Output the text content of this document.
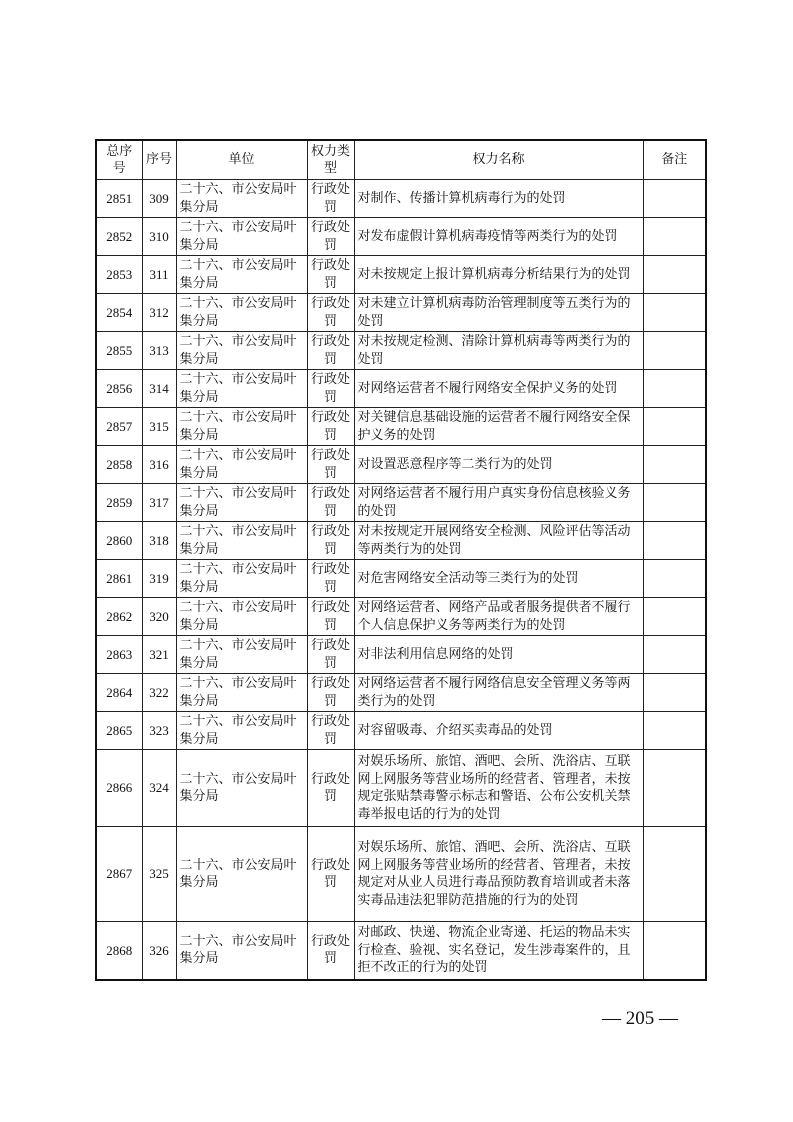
总序号	序号	单位	权力类型	权力名称	备注
2851	309	二十六、市公安局叶集分局	行政处罚	对制作、传播计算机病毒行为的处罚	
2852	310	二十六、市公安局叶集分局	行政处罚	对发布虚假计算机病毒疫情等两类行为的处罚	
2853	311	二十六、市公安局叶集分局	行政处罚	对未按规定上报计算机病毒分析结果行为的处罚	
2854	312	二十六、市公安局叶集分局	行政处罚	对未建立计算机病毒防治管理制度等五类行为的处罚	
2855	313	二十六、市公安局叶集分局	行政处罚	对未按规定检测、清除计算机病毒等两类行为的处罚	
2856	314	二十六、市公安局叶集分局	行政处罚	对网络运营者不履行网络安全保护义务的处罚	
2857	315	二十六、市公安局叶集分局	行政处罚	对关键信息基础设施的运营者不履行网络安全保护义务的处罚	
2858	316	二十六、市公安局叶集分局	行政处罚	对设置恶意程序等二类行为的处罚	
2859	317	二十六、市公安局叶集分局	行政处罚	对网络运营者不履行用户真实身份信息核验义务的处罚	
2860	318	二十六、市公安局叶集分局	行政处罚	对未按规定开展网络安全检测、风险评估等活动等两类行为的处罚	
2861	319	二十六、市公安局叶集分局	行政处罚	对危害网络安全活动等三类行为的处罚	
2862	320	二十六、市公安局叶集分局	行政处罚	对网络运营者、网络产品或者服务提供者不履行个人信息保护义务等两类行为的处罚	
2863	321	二十六、市公安局叶集分局	行政处罚	对非法利用信息网络的处罚	
2864	322	二十六、市公安局叶集分局	行政处罚	对网络运营者不履行网络信息安全管理义务等两类行为的处罚	
2865	323	二十六、市公安局叶集分局	行政处罚	对容留吸毒、介绍买卖毒品的处罚	
2866	324	二十六、市公安局叶集分局	行政处罚	对娱乐场所、旅馆、酒吧、会所、洗浴店、互联网上网服务等营业场所的经营者、管理者，未按规定张贴禁毒警示标志和警语、公布公安机关禁毒举报电话的行为的处罚	
2867	325	二十六、市公安局叶集分局	行政处罚	对娱乐场所、旅馆、酒吧、会所、洗浴店、互联网上网服务等营业场所的经营者、管理者，未按规定对从业人员进行毒品预防教育培训或者未落实毒品违法犯罪防范措施的行为的处罚	
2868	326	二十六、市公安局叶集分局	行政处罚	对邮政、快递、物流企业寄递、托运的物品未实行检查、验视、实名登记，发生涉毒案件的，且拒不改正的行为的处罚	
— 205 —
